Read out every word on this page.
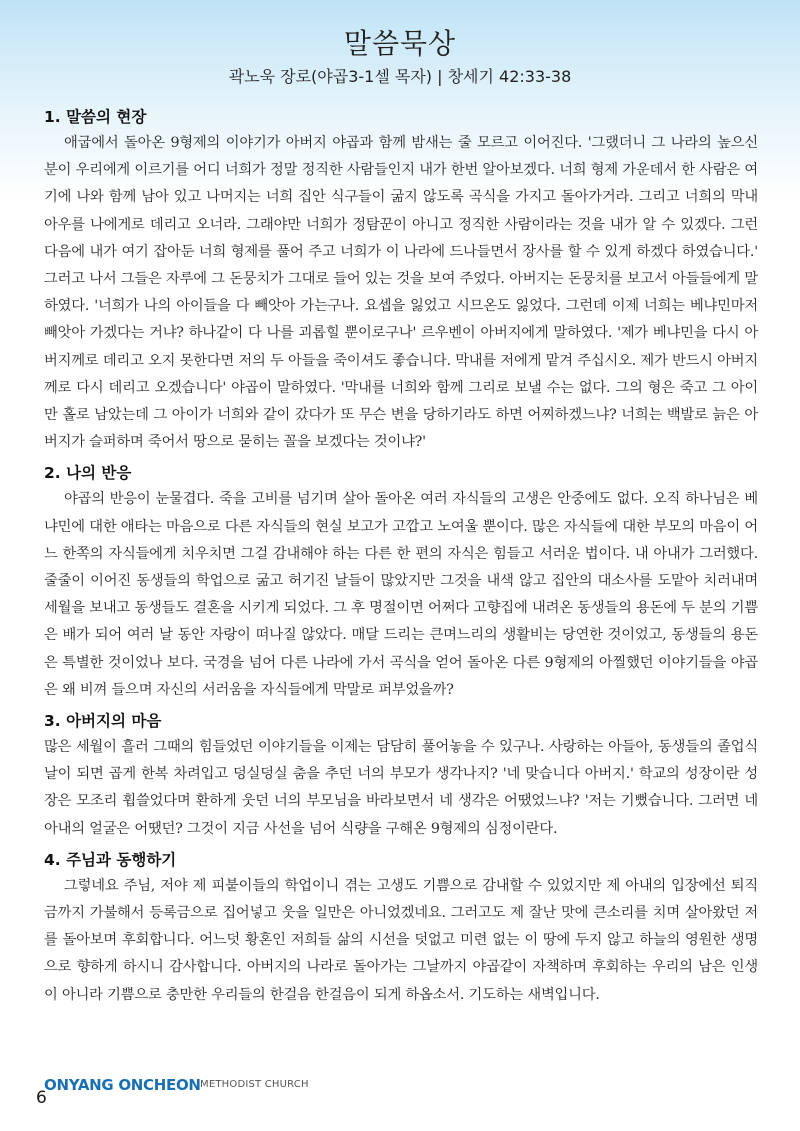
말씀묵상
곽노욱 장로(야곱3-1셀 목자) | 창세기 42:33-38
1. 말씀의 현장

애굽에서 돌아온 9형제의 이야기가 아버지 야곱과 함께 밤새는 줄 모르고 이어진다. '그랬더니 그 나라의 높으신 분이 우리에게 이르기를 어디 너희가 정말 정직한 사람들인지 내가 한번 알아보겠다. 너희 형제 가운데서 한 사람은 여기에 나와 함께 남아 있고 나머지는 너희 집안 식구들이 굶지 않도록 곡식을 가지고 돌아가거라. 그리고 너희의 막내 아우를 나에게로 데리고 오너라. 그래야만 너희가 정탐꾼이 아니고 정직한 사람이라는 것을 내가 알 수 있겠다. 그런 다음에 내가 여기 잡아둔 너희 형제를 풀어 주고 너희가 이 나라에 드나들면서 장사를 할 수 있게 하겠다 하였습니다.' 그러고 나서 그들은 자루에 그 돈뭉치가 그대로 들어 있는 것을 보여 주었다. 아버지는 돈뭉치를 보고서 아들들에게 말하였다. '너희가 나의 아이들을 다 빼앗아 가는구나. 요셉을 잃었고 시므온도 잃었다. 그런데 이제 너희는 베냐민마저 빼앗아 가겠다는 거냐? 하나같이 다 나를 괴롭힐 뿐이로구나' 르우벤이 아버지에게 말하였다. '제가 베냐민을 다시 아버지께로 데리고 오지 못한다면 저의 두 아들을 죽이셔도 좋습니다. 막내를 저에게 맡겨 주십시오. 제가 반드시 아버지께로 다시 데리고 오겠습니다' 야곱이 말하였다. '막내를 너희와 함께 그리로 보낼 수는 없다. 그의 형은 죽고 그 아이만 홀로 남았는데 그 아이가 너희와 같이 갔다가 또 무슨 변을 당하기라도 하면 어찌하겠느냐? 너희는 백발로 늙은 아버지가 슬퍼하며 죽어서 땅으로 묻히는 꼴을 보겠다는 것이냐?'

2. 나의 반응

야곱의 반응이 눈물겹다. 죽을 고비를 넘기며 살아 돌아온 여러 자식들의 고생은 안중에도 없다. 오직 하나님은 베냐민에 대한 애타는 마음으로 다른 자식들의 현실 보고가 고깝고 노여울 뿐이다. 많은 자식들에 대한 부모의 마음이 어느 한쪽의 자식들에게 치우치면 그걸 감내해야 하는 다른 한 편의 자식은 힘들고 서러운 법이다. 내 아내가 그러했다. 줄줄이 이어진 동생들의 학업으로 굶고 허기진 날들이 많았지만 그것을 내색 않고 집안의 대소사를 도맡아 치러내며 세월을 보내고 동생들도 결혼을 시키게 되었다. 그 후 명절이면 어쩌다 고향집에 내려온 동생들의 용돈에 두 분의 기쁨은 배가 되어 여러 날 동안 자랑이 떠나질 않았다. 매달 드리는 큰며느리의 생활비는 당연한 것이었고, 동생들의 용돈은 특별한 것이었나 보다. 국경을 넘어 다른 나라에 가서 곡식을 얻어 돌아온 다른 9형제의 아찔했던 이야기들을 야곱은 왜 비껴 들으며 자신의 서러움을 자식들에게 막말로 퍼부었을까?

3. 아버지의 마음

많은 세월이 흘러 그때의 힘들었던 이야기들을 이제는 담담히 풀어놓을 수 있구나. 사랑하는 아들아, 동생들의 졸업식날이 되면 곱게 한복 차려입고 덩실덩실 춤을 추던 너의 부모가 생각나지? '네 맞습니다 아버지.' 학교의 성장이란 성장은 모조리 휩쓸었다며 환하게 웃던 너의 부모님을 바라보면서 네 생각은 어땠었느냐? '저는 기뻤습니다. 그러면 네 아내의 얼굴은 어땠던? 그것이 지금 사선을 넘어 식량을 구해온 9형제의 심정이란다.

4. 주님과 동행하기

그렇네요 주님, 저야 제 피붙이들의 학업이니 겪는 고생도 기쁨으로 감내할 수 있었지만 제 아내의 입장에선 퇴직금까지 가불해서 등록금으로 집어넣고 웃을 일만은 아니었겠네요. 그러고도 제 잘난 맛에 큰소리를 치며 살아왔던 저를 돌아보며 후회합니다. 어느덧 황혼인 저희들 삶의 시선을 덧없고 미련 없는 이 땅에 두지 않고 하늘의 영원한 생명으로 향하게 하시니 감사합니다. 아버지의 나라로 돌아가는 그날까지 야곱같이 자책하며 후회하는 우리의 남은 인생이 아니라 기쁨으로 충만한 우리들의 한걸음 한걸음이 되게 하옵소서. 기도하는 새벽입니다.

6
ONYANG ONCHEON METHODIST CHURCH
